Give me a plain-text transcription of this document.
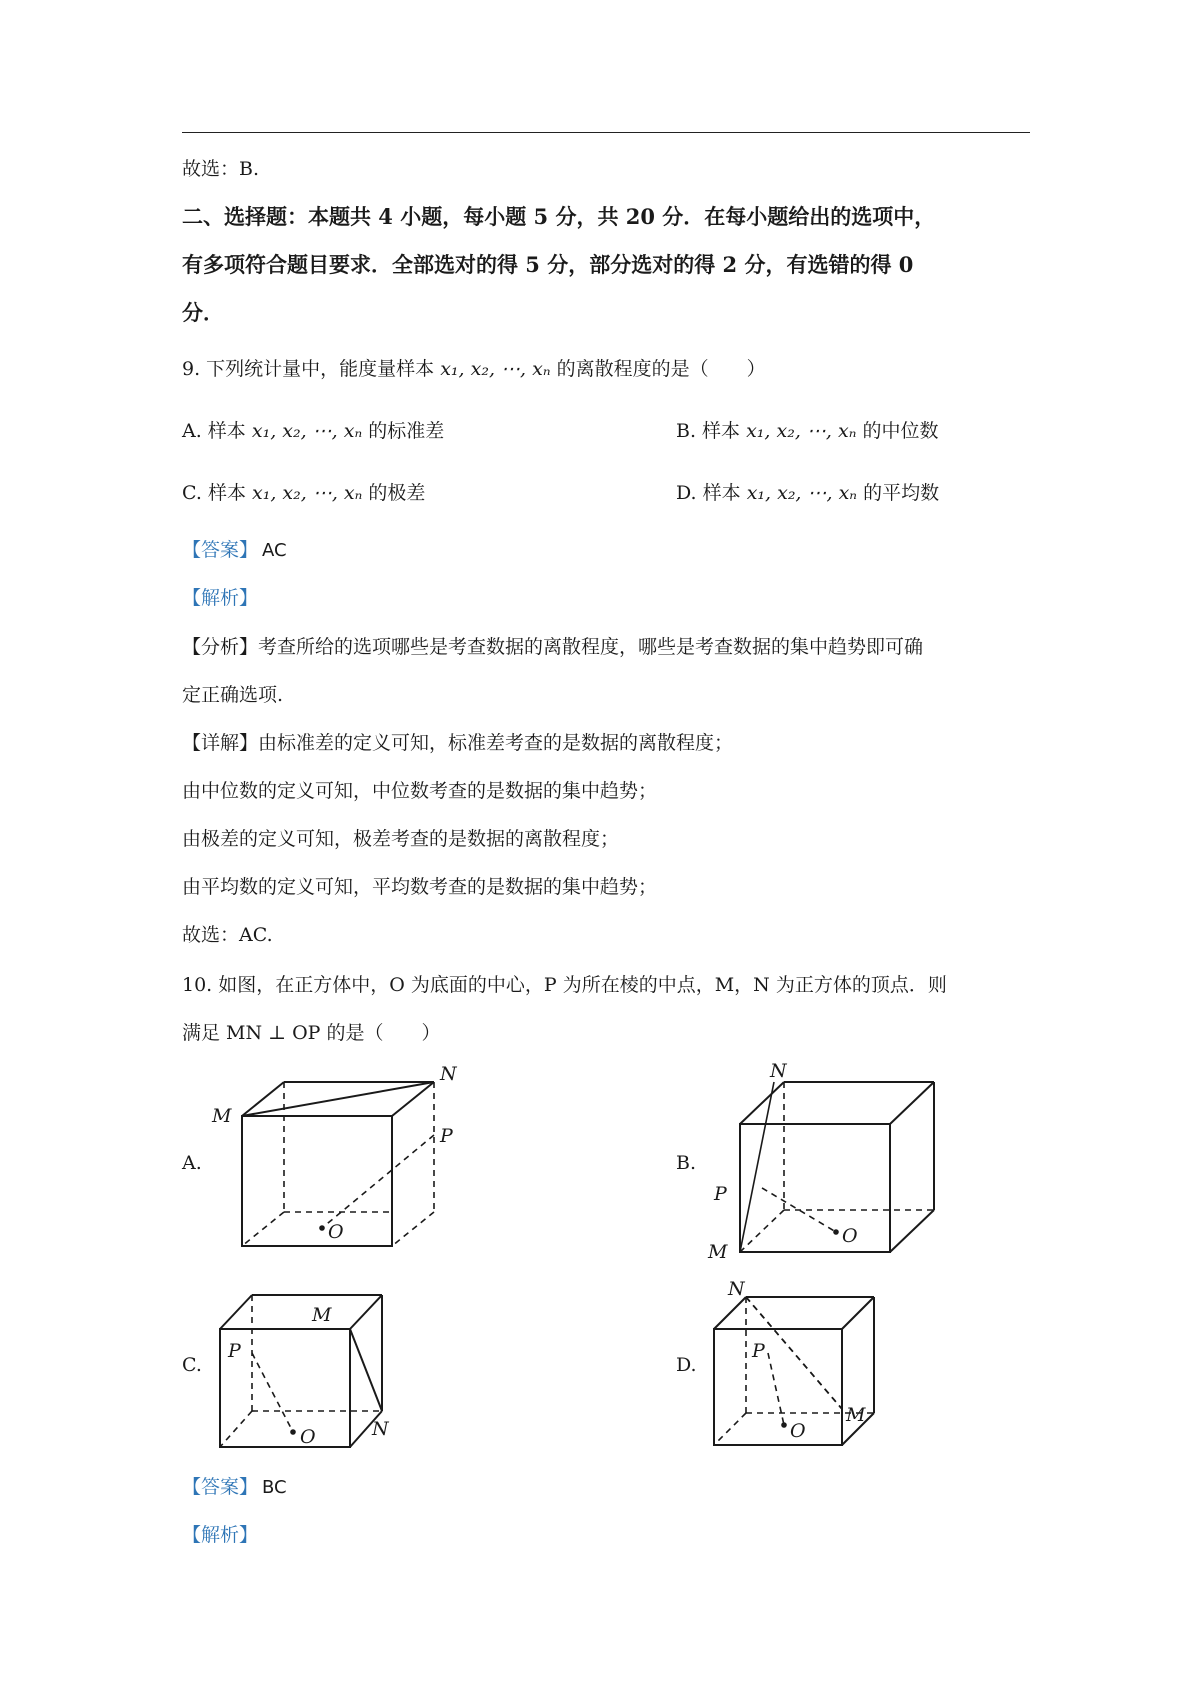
故选：B.
二、选择题：本题共 4 小题，每小题 5 分，共 20 分．在每小题给出的选项中，
有多项符合题目要求．全部选对的得 5 分，部分选对的得 2 分，有选错的得 0
分．
9. 下列统计量中，能度量样本 x₁, x₂, ⋯, xₙ 的离散程度的是（　　）
A. 样本 x₁, x₂, ⋯, xₙ 的标准差	B. 样本 x₁, x₂, ⋯, xₙ 的中位数
C. 样本 x₁, x₂, ⋯, xₙ 的极差	D. 样本 x₁, x₂, ⋯, xₙ 的平均数
【答案】 AC
【解析】
【分析】考查所给的选项哪些是考查数据的离散程度，哪些是考查数据的集中趋势即可确
定正确选项.
【详解】由标准差的定义可知，标准差考查的是数据的离散程度；
由中位数的定义可知，中位数考查的是数据的集中趋势；
由极差的定义可知，极差考查的是数据的离散程度；
由平均数的定义可知，平均数考查的是数据的集中趋势；
故选：AC.
10. 如图，在正方体中，O 为底面的中心，P 为所在棱的中点，M，N 为正方体的顶点．则
满足 MN ⊥ OP 的是（　　）
A.	B.
C.	D.
M
N
P
O
M
N
P
O
M
N
P
O
N
M
P
O
【答案】 BC
【解析】
